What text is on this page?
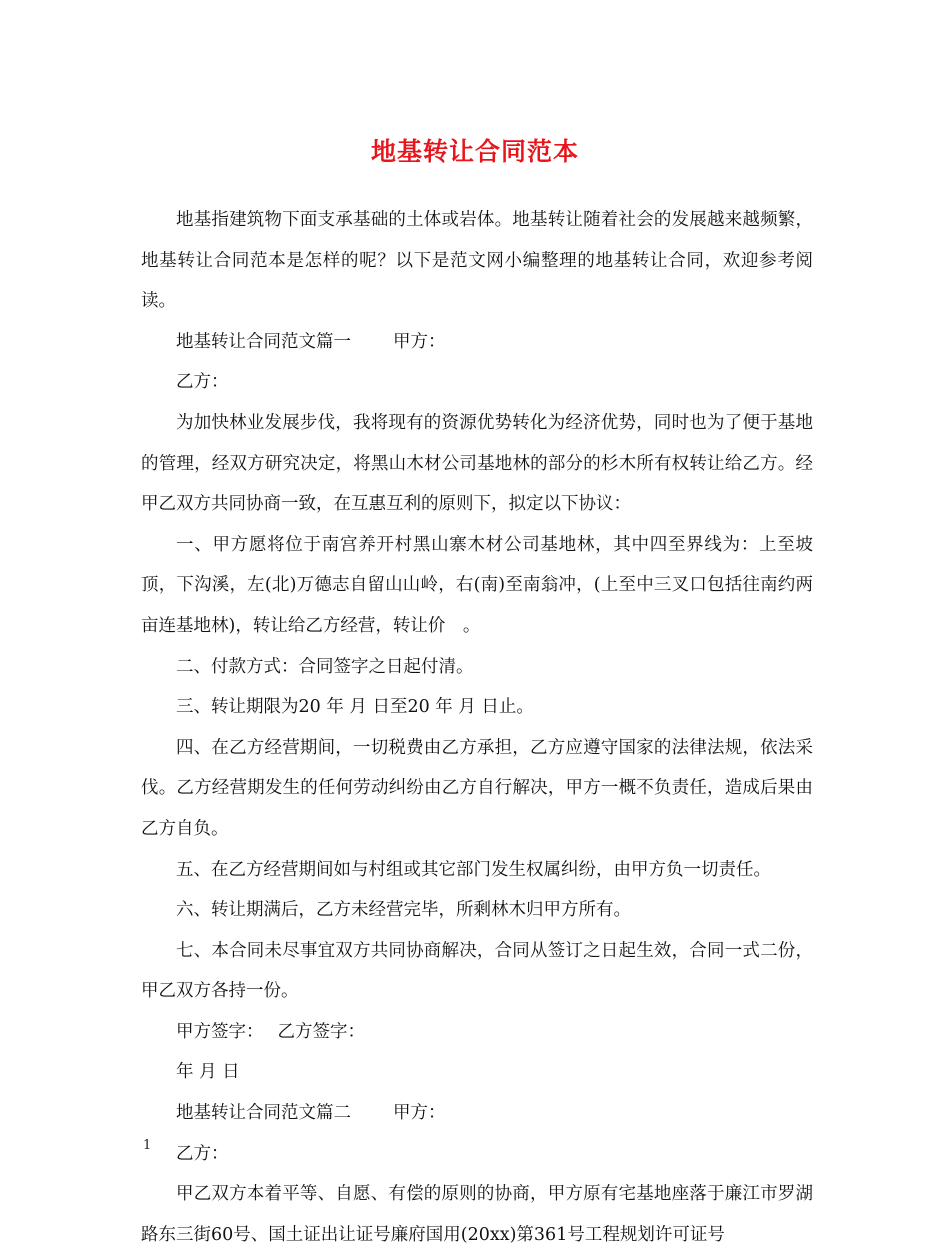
地基转让合同范本

地基指建筑物下面支承基础的土体或岩体。地基转让随着社会的发展越来越频繁，地基转让合同范本是怎样的呢？以下是范文网小编整理的地基转让合同，欢迎参考阅读。

地基转让合同范文篇一 甲方：

乙方：

为加快林业发展步伐，我将现有的资源优势转化为经济优势，同时也为了便于基地的管理，经双方研究决定，将黑山木材公司基地林的部分的杉木所有权转让给乙方。经甲乙双方共同协商一致，在互惠互利的原则下，拟定以下协议：

一、甲方愿将位于南宫养开村黑山寨木材公司基地林，其中四至界线为：上至坡顶，下沟溪，左(北)万德志自留山山岭，右(南)至南翁冲，(上至中三叉口包括往南约两亩连基地林)，转让给乙方经营，转让价　。

二、付款方式：合同签字之日起付清。

三、转让期限为20 年 月 日至20 年 月 日止。

四、在乙方经营期间，一切税费由乙方承担，乙方应遵守国家的法律法规，依法采伐。乙方经营期发生的任何劳动纠纷由乙方自行解决，甲方一概不负责任，造成后果由乙方自负。

五、在乙方经营期间如与村组或其它部门发生权属纠纷，由甲方负一切责任。

六、转让期满后，乙方未经营完毕，所剩林木归甲方所有。

七、本合同未尽事宜双方共同协商解决，合同从签订之日起生效，合同一式二份，甲乙双方各持一份。

甲方签字： 乙方签字：

年 月 日

地基转让合同范文篇二 甲方：

乙方：

甲乙双方本着平等、自愿、有偿的原则的协商，甲方原有宅基地座落于廉江市罗湖路东三街60号、国土证出让证号廉府国用(20xx)第361号工程规划许可证号

1
